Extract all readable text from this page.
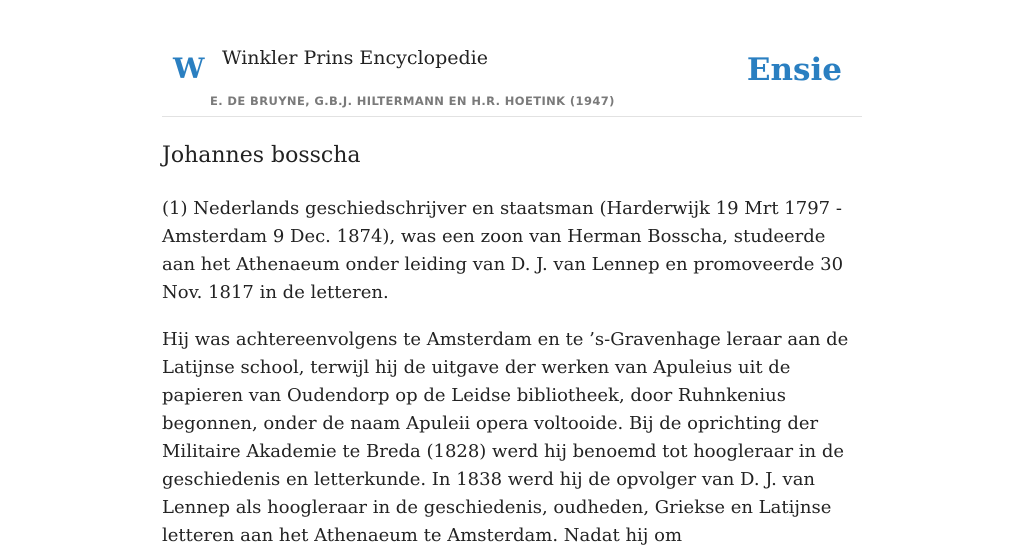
W Winkler Prins Encyclopedie
E. DE BRUYNE, G.B.J. HILTERMANN EN H.R. HOETINK (1947)
Ensie
Johannes bosscha

(1) Nederlands geschiedschrijver en staatsman (Harderwijk 19 Mrt 1797 - Amsterdam 9 Dec. 1874), was een zoon van Herman Bosscha, studeerde aan het Athenaeum onder leiding van D. J. van Lennep en promoveerde 30 Nov. 1817 in de letteren.

Hij was achtereenvolgens te Amsterdam en te ’s-Gravenhage leraar aan de Latijnse school, terwijl hij de uitgave der werken van Apuleius uit de papieren van Oudendorp op de Leidse bibliotheek, door Ruhnkenius begonnen, onder de naam Apuleii opera voltooide. Bij de oprichting der Militaire Akademie te Breda (1828) werd hij benoemd tot hoogleraar in de geschiedenis en letterkunde. In 1838 werd hij de opvolger van D. J. van Lennep als hoogleraar in de geschiedenis, oudheden, Griekse en Latijnse letteren aan het Athenaeum te Amsterdam. Nadat hij om
